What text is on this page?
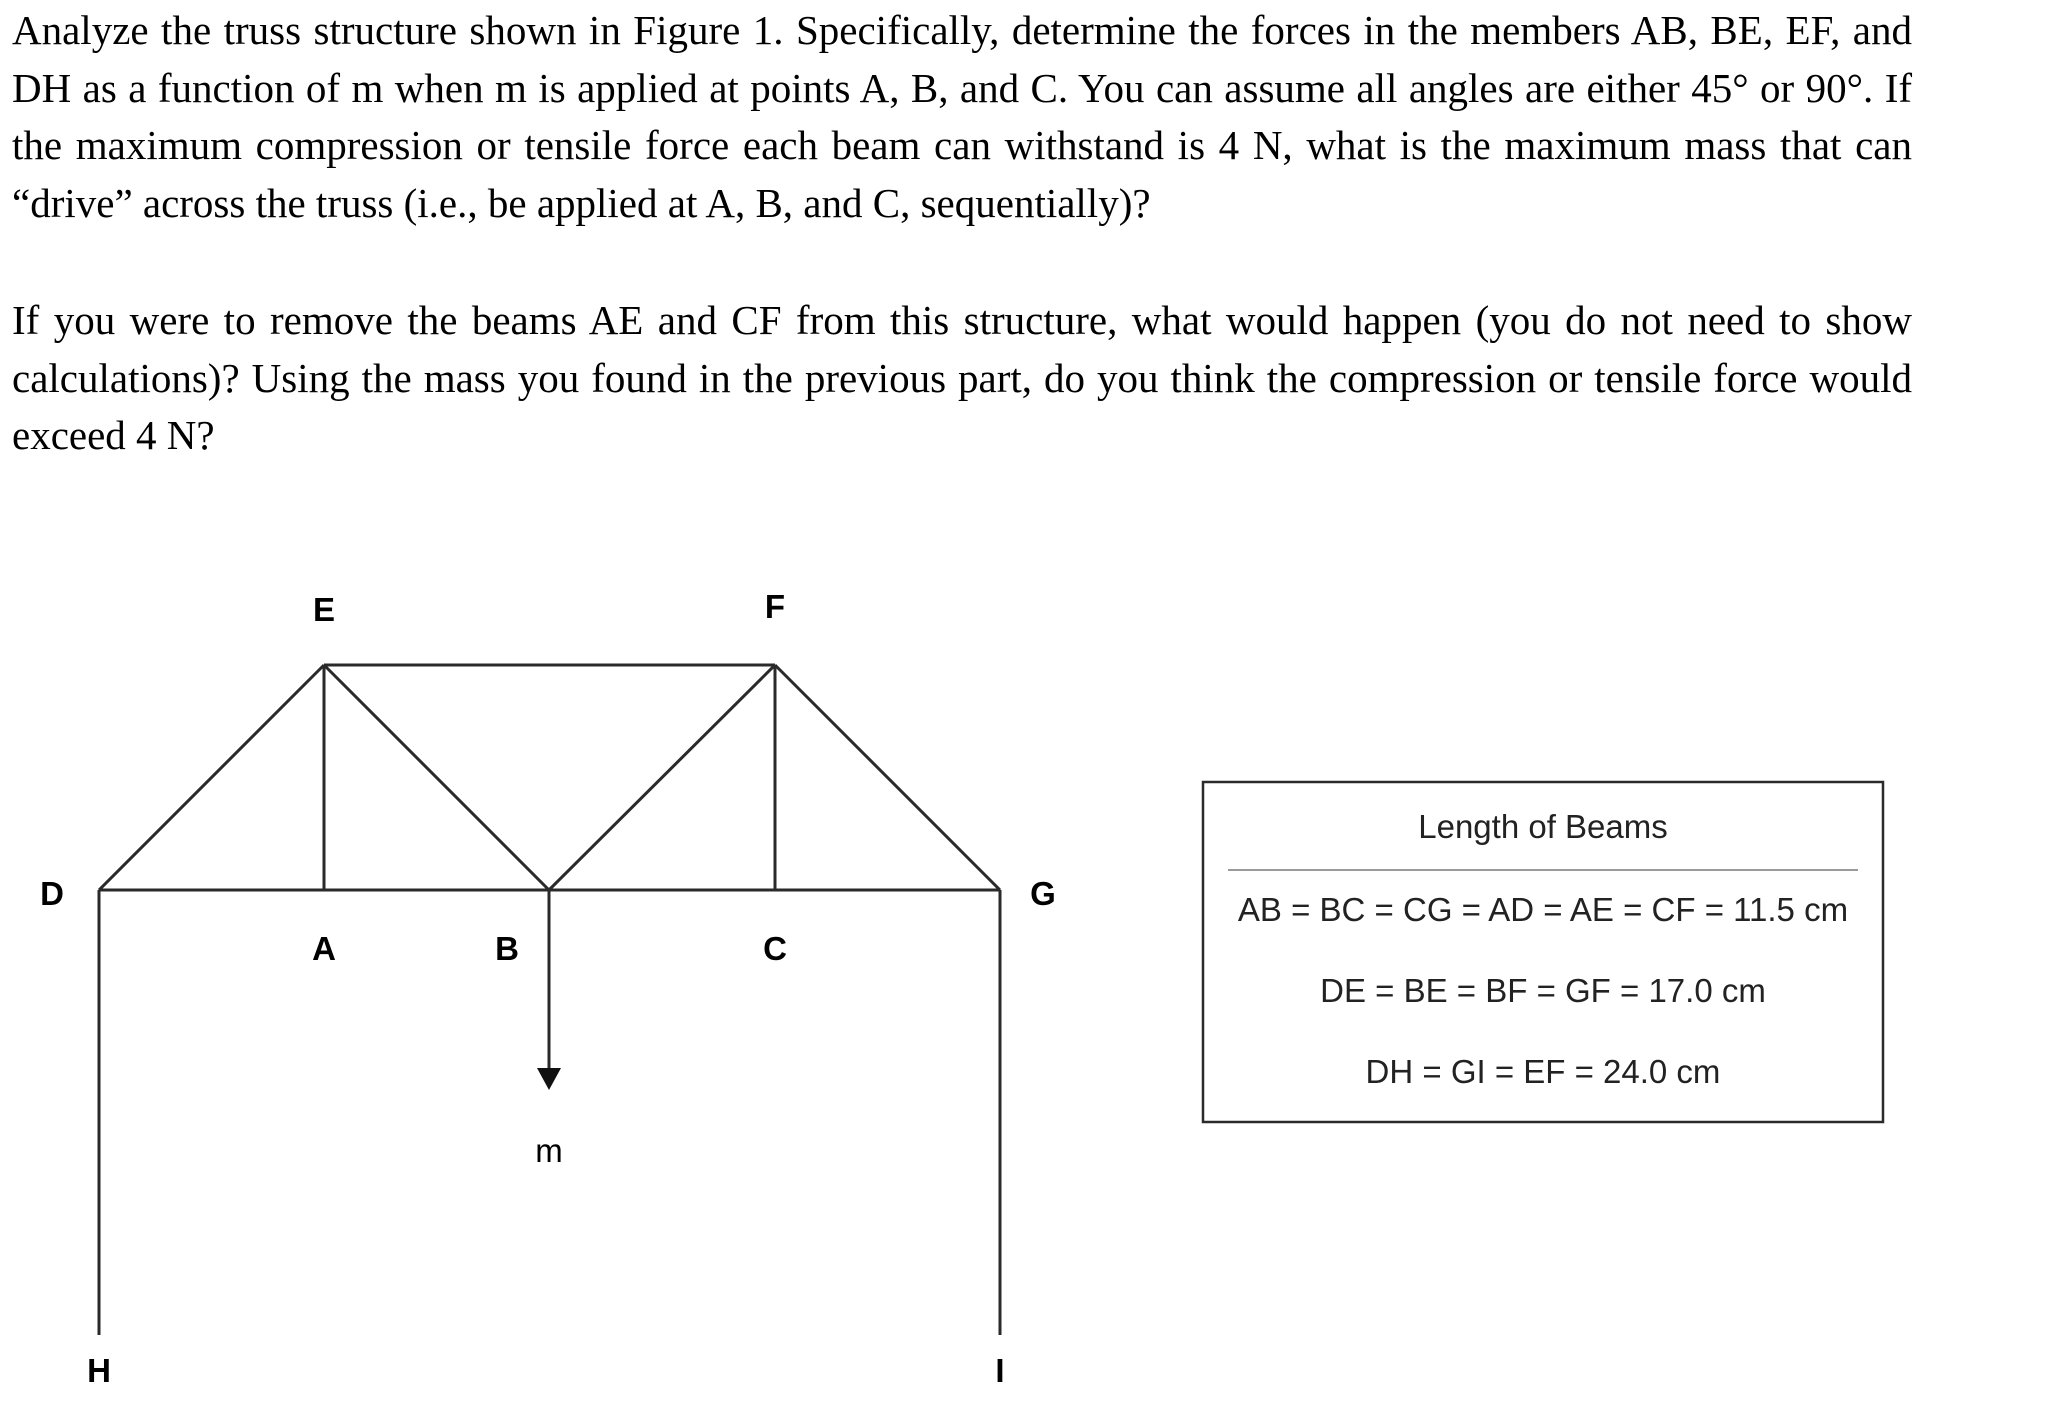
Analyze the truss structure shown in Figure 1. Specifically, determine the forces in the members AB, BE, EF, and DH as a function of m when m is applied at points A, B, and C. You can assume all angles are either 45° or 90°. If the maximum compression or tensile force each beam can withstand is 4 N, what is the maximum mass that can “drive” across the truss (i.e., be applied at A, B, and C, sequentially)?
If you were to remove the beams AE and CF from this structure, what would happen (you do not need to show calculations)? Using the mass you found in the previous part, do you think the compression or tensile force would exceed 4 N?
E	F
D	G
A	B	C
H	I
m
Length of Beams
AB = BC = CG = AD = AE = CF = 11.5 cm
DE = BE = BF = GF = 17.0 cm
DH = GI = EF = 24.0 cm
